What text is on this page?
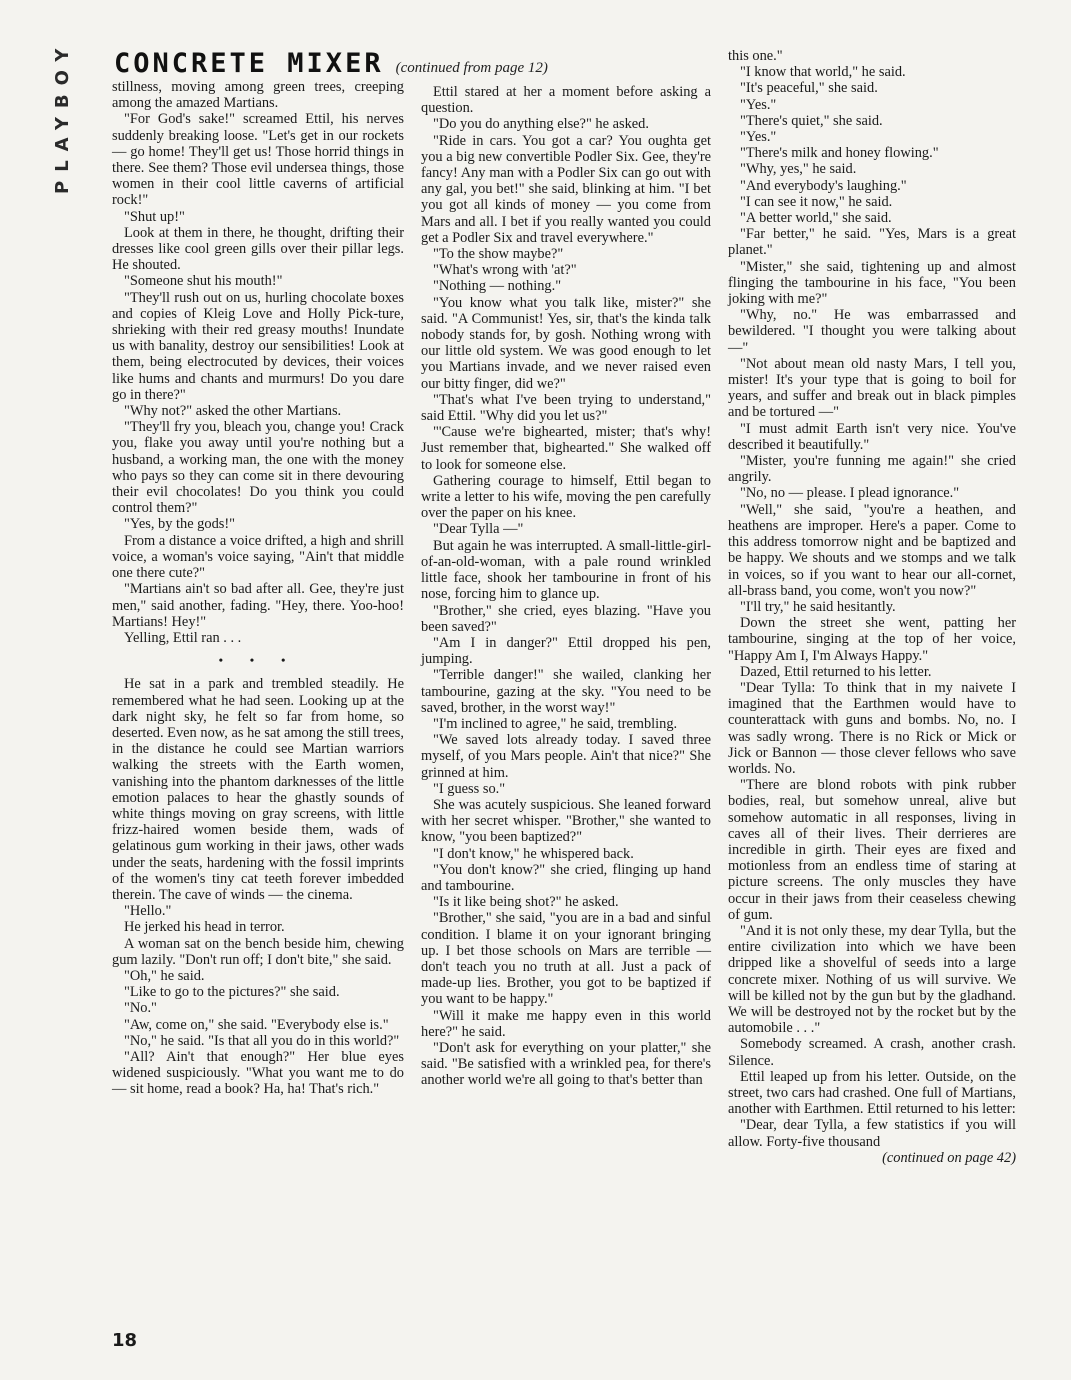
PLAYBOY CONCRETE MIXER (continued from page 12)

stillness, moving among green trees, creeping among the amazed Martians.

"For God's sake!" screamed Ettil, his nerves suddenly breaking loose. "Let's get in our rockets — go home! They'll get us! Those horrid things in there. See them? Those evil undersea things, those women in their cool little caverns of artificial rock!"

"Shut up!"

Look at them in there, he thought, drifting their dresses like cool green gills over their pillar legs. He shouted.

"Someone shut his mouth!"

"They'll rush out on us, hurling chocolate boxes and copies of Kleig Love and Holly Pick-ture, shrieking with their red greasy mouths! Inundate us with banality, destroy our sensibilities! Look at them, being electrocuted by devices, their voices like hums and chants and murmurs! Do you dare go in there?"

"Why not?" asked the other Martians.

"They'll fry you, bleach you, change you! Crack you, flake you away until you're nothing but a husband, a working man, the one with the money who pays so they can come sit in there devouring their evil chocolates! Do you think you could control them?"

"Yes, by the gods!"

From a distance a voice drifted, a high and shrill voice, a woman's voice saying, "Ain't that middle one there cute?"

"Martians ain't so bad after all. Gee, they're just men," said another, fading. "Hey, there. Yoo-hoo! Martians! Hey!"

Yelling, Ettil ran . . .

• • •

He sat in a park and trembled steadily. He remembered what he had seen. Looking up at the dark night sky, he felt so far from home, so deserted. Even now, as he sat among the still trees, in the distance he could see Martian warriors walking the streets with the Earth women, vanishing into the phantom darknesses of the little emotion palaces to hear the ghastly sounds of white things moving on gray screens, with little frizz-haired women beside them, wads of gelatinous gum working in their jaws, other wads under the seats, hardening with the fossil imprints of the women's tiny cat teeth forever imbedded therein. The cave of winds — the cinema.

"Hello."

He jerked his head in terror.

A woman sat on the bench beside him, chewing gum lazily. "Don't run off; I don't bite," she said.

"Oh," he said.

"Like to go to the pictures?" she said.

"No."

"Aw, come on," she said. "Everybody else is."

"No," he said. "Is that all you do in this world?"

"All? Ain't that enough?" Her blue eyes widened suspiciously. "What you want me to do — sit home, read a book? Ha, ha! That's rich."

Ettil stared at her a moment before asking a question.

"Do you do anything else?" he asked.

"Ride in cars. You got a car? You oughta get you a big new convertible Podler Six. Gee, they're fancy! Any man with a Podler Six can go out with any gal, you bet!" she said, blinking at him. "I bet you got all kinds of money — you come from Mars and all. I bet if you really wanted you could get a Podler Six and travel everywhere."

"To the show maybe?"

"What's wrong with 'at?"

"Nothing — nothing."

"You know what you talk like, mister?" she said. "A Communist! Yes, sir, that's the kinda talk nobody stands for, by gosh. Nothing wrong with our little old system. We was good enough to let you Martians invade, and we never raised even our bitty finger, did we?"

"That's what I've been trying to understand," said Ettil. "Why did you let us?"

"'Cause we're bighearted, mister; that's why! Just remember that, bighearted." She walked off to look for someone else.

Gathering courage to himself, Ettil began to write a letter to his wife, moving the pen carefully over the paper on his knee.

"Dear Tylla —"

But again he was interrupted. A small-little-girl-of-an-old-woman, with a pale round wrinkled little face, shook her tambourine in front of his nose, forcing him to glance up.

"Brother," she cried, eyes blazing. "Have you been saved?"

"Am I in danger?" Ettil dropped his pen, jumping.

"Terrible danger!" she wailed, clanking her tambourine, gazing at the sky. "You need to be saved, brother, in the worst way!"

"I'm inclined to agree," he said, trembling.

"We saved lots already today. I saved three myself, of you Mars people. Ain't that nice?" She grinned at him.

"I guess so."

She was acutely suspicious. She leaned forward with her secret whisper. "Brother," she wanted to know, "you been baptized?"

"I don't know," he whispered back.

"You don't know?" she cried, flinging up hand and tambourine.

"Is it like being shot?" he asked.

"Brother," she said, "you are in a bad and sinful condition. I blame it on your ignorant bringing up. I bet those schools on Mars are terrible — don't teach you no truth at all. Just a pack of made-up lies. Brother, you got to be baptized if you want to be happy."

"Will it make me happy even in this world here?" he said.

"Don't ask for everything on your platter," she said. "Be satisfied with a wrinkled pea, for there's another world we're all going to that's better than

this one."

"I know that world," he said.

"It's peaceful," she said.

"Yes."

"There's quiet," she said.

"Yes."

"There's milk and honey flowing."

"Why, yes," he said.

"And everybody's laughing."

"I can see it now," he said.

"A better world," she said.

"Far better," he said. "Yes, Mars is a great planet."

"Mister," she said, tightening up and almost flinging the tambourine in his face, "You been joking with me?"

"Why, no." He was embarrassed and bewildered. "I thought you were talking about —"

"Not about mean old nasty Mars, I tell you, mister! It's your type that is going to boil for years, and suffer and break out in black pimples and be tortured —"

"I must admit Earth isn't very nice. You've described it beautifully."

"Mister, you're funning me again!" she cried angrily.

"No, no — please. I plead ignorance."

"Well," she said, "you're a heathen, and heathens are improper. Here's a paper. Come to this address tomorrow night and be baptized and be happy. We shouts and we stomps and we talk in voices, so if you want to hear our all-cornet, all-brass band, you come, won't you now?"

"I'll try," he said hesitantly.

Down the street she went, patting her tambourine, singing at the top of her voice, "Happy Am I, I'm Always Happy."

Dazed, Ettil returned to his letter.

"Dear Tylla: To think that in my naivete I imagined that the Earthmen would have to counterattack with guns and bombs. No, no. I was sadly wrong. There is no Rick or Mick or Jick or Bannon — those clever fellows who save worlds. No.

"There are blond robots with pink rubber bodies, real, but somehow unreal, alive but somehow automatic in all responses, living in caves all of their lives. Their derrieres are incredible in girth. Their eyes are fixed and motionless from an endless time of staring at picture screens. The only muscles they have occur in their jaws from their ceaseless chewing of gum.

"And it is not only these, my dear Tylla, but the entire civilization into which we have been dripped like a shovelful of seeds into a large concrete mixer. Nothing of us will survive. We will be killed not by the gun but by the gladhand. We will be destroyed not by the rocket but by the automobile . . ."

Somebody screamed. A crash, another crash. Silence.

Ettil leaped up from his letter. Outside, on the street, two cars had crashed. One full of Martians, another with Earthmen. Ettil returned to his letter:

"Dear, dear Tylla, a few statistics if you will allow. Forty-five thousand

(continued on page 42)

18
